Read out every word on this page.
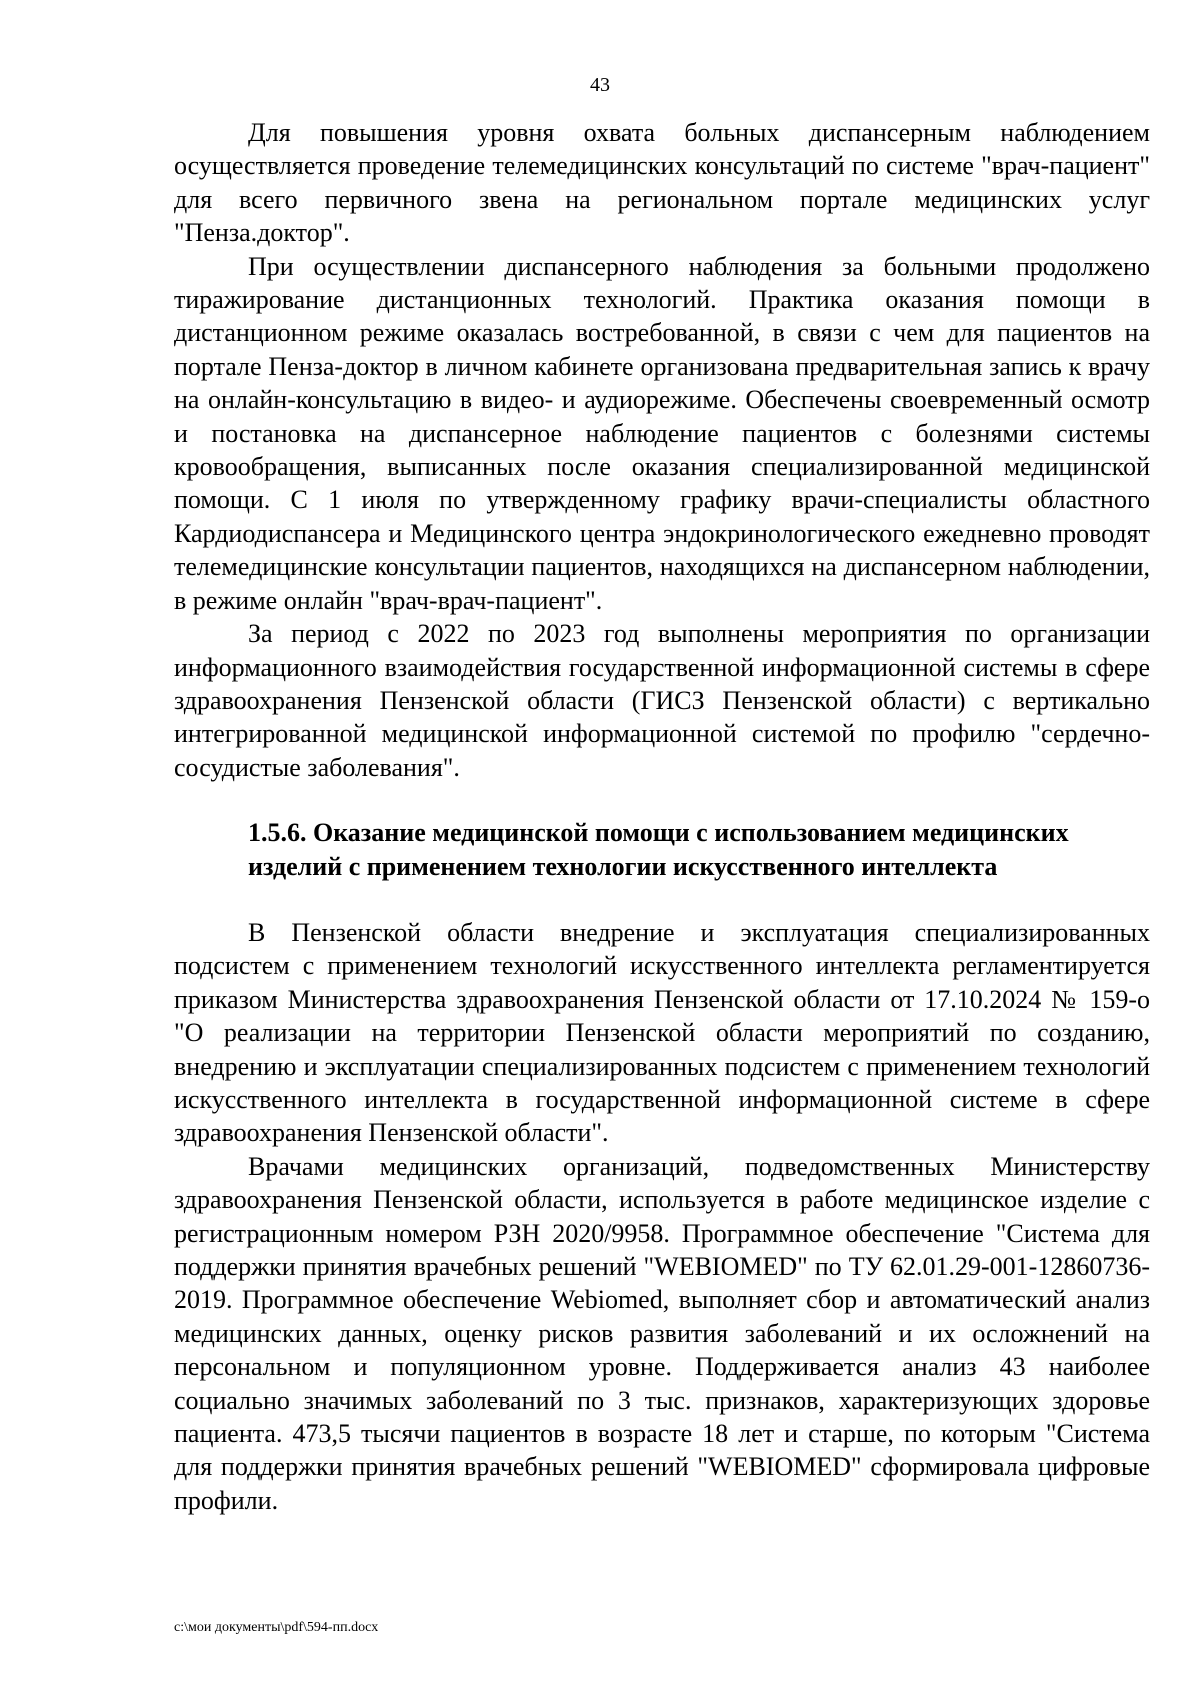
43

Для повышения уровня охвата больных диспансерным наблюдением осуществляется проведение телемедицинских консультаций по системе "врач-пациент" для всего первичного звена на региональном портале медицинских услуг "Пенза.доктор".

При осуществлении диспансерного наблюдения за больными продолжено тиражирование дистанционных технологий. Практика оказания помощи в дистанционном режиме оказалась востребованной, в связи с чем для пациентов на портале Пенза-доктор в личном кабинете организована предварительная запись к врачу на онлайн-консультацию в видео- и аудиорежиме. Обеспечены своевременный осмотр и постановка на диспансерное наблюдение пациентов с болезнями системы кровообращения, выписанных после оказания специализированной медицинской помощи. С 1 июля по утвержденному графику врачи-специалисты областного Кардиодиспансера и Медицинского центра эндокринологического ежедневно проводят телемедицинские консультации пациентов, находящихся на диспансерном наблюдении, в режиме онлайн "врач-врач-пациент".

За период с 2022 по 2023 год выполнены мероприятия по организации информационного взаимодействия государственной информационной системы в сфере здравоохранения Пензенской области (ГИСЗ Пензенской области) с вертикально интегрированной медицинской информационной системой по профилю "сердечно-сосудистые заболевания".

1.5.6. Оказание медицинской помощи с использованием медицинских изделий с применением технологии искусственного интеллекта

В Пензенской области внедрение и эксплуатация специализированных подсистем с применением технологий искусственного интеллекта регламентируется приказом Министерства здравоохранения Пензенской области от 17.10.2024 № 159-о "О реализации на территории Пензенской области мероприятий по созданию, внедрению и эксплуатации специализированных подсистем с применением технологий искусственного интеллекта в государственной информационной системе в сфере здравоохранения Пензенской области".

Врачами медицинских организаций, подведомственных Министерству здравоохранения Пензенской области, используется в работе медицинское изделие с регистрационным номером РЗН 2020/9958. Программное обеспечение "Система для поддержки принятия врачебных решений "WEBIOMED" по ТУ 62.01.29-001-12860736-2019. Программное обеспечение Webiomed, выполняет сбор и автоматический анализ медицинских данных, оценку рисков развития заболеваний и их осложнений на персональном и популяционном уровне. Поддерживается анализ 43 наиболее социально значимых заболеваний по 3 тыс. признаков, характеризующих здоровье пациента. 473,5 тысячи пациентов в возрасте 18 лет и старше, по которым "Система для поддержки принятия врачебных решений "WEBIOMED" сформировала цифровые профили.

c:\мои документы\pdf\594-пп.docx
